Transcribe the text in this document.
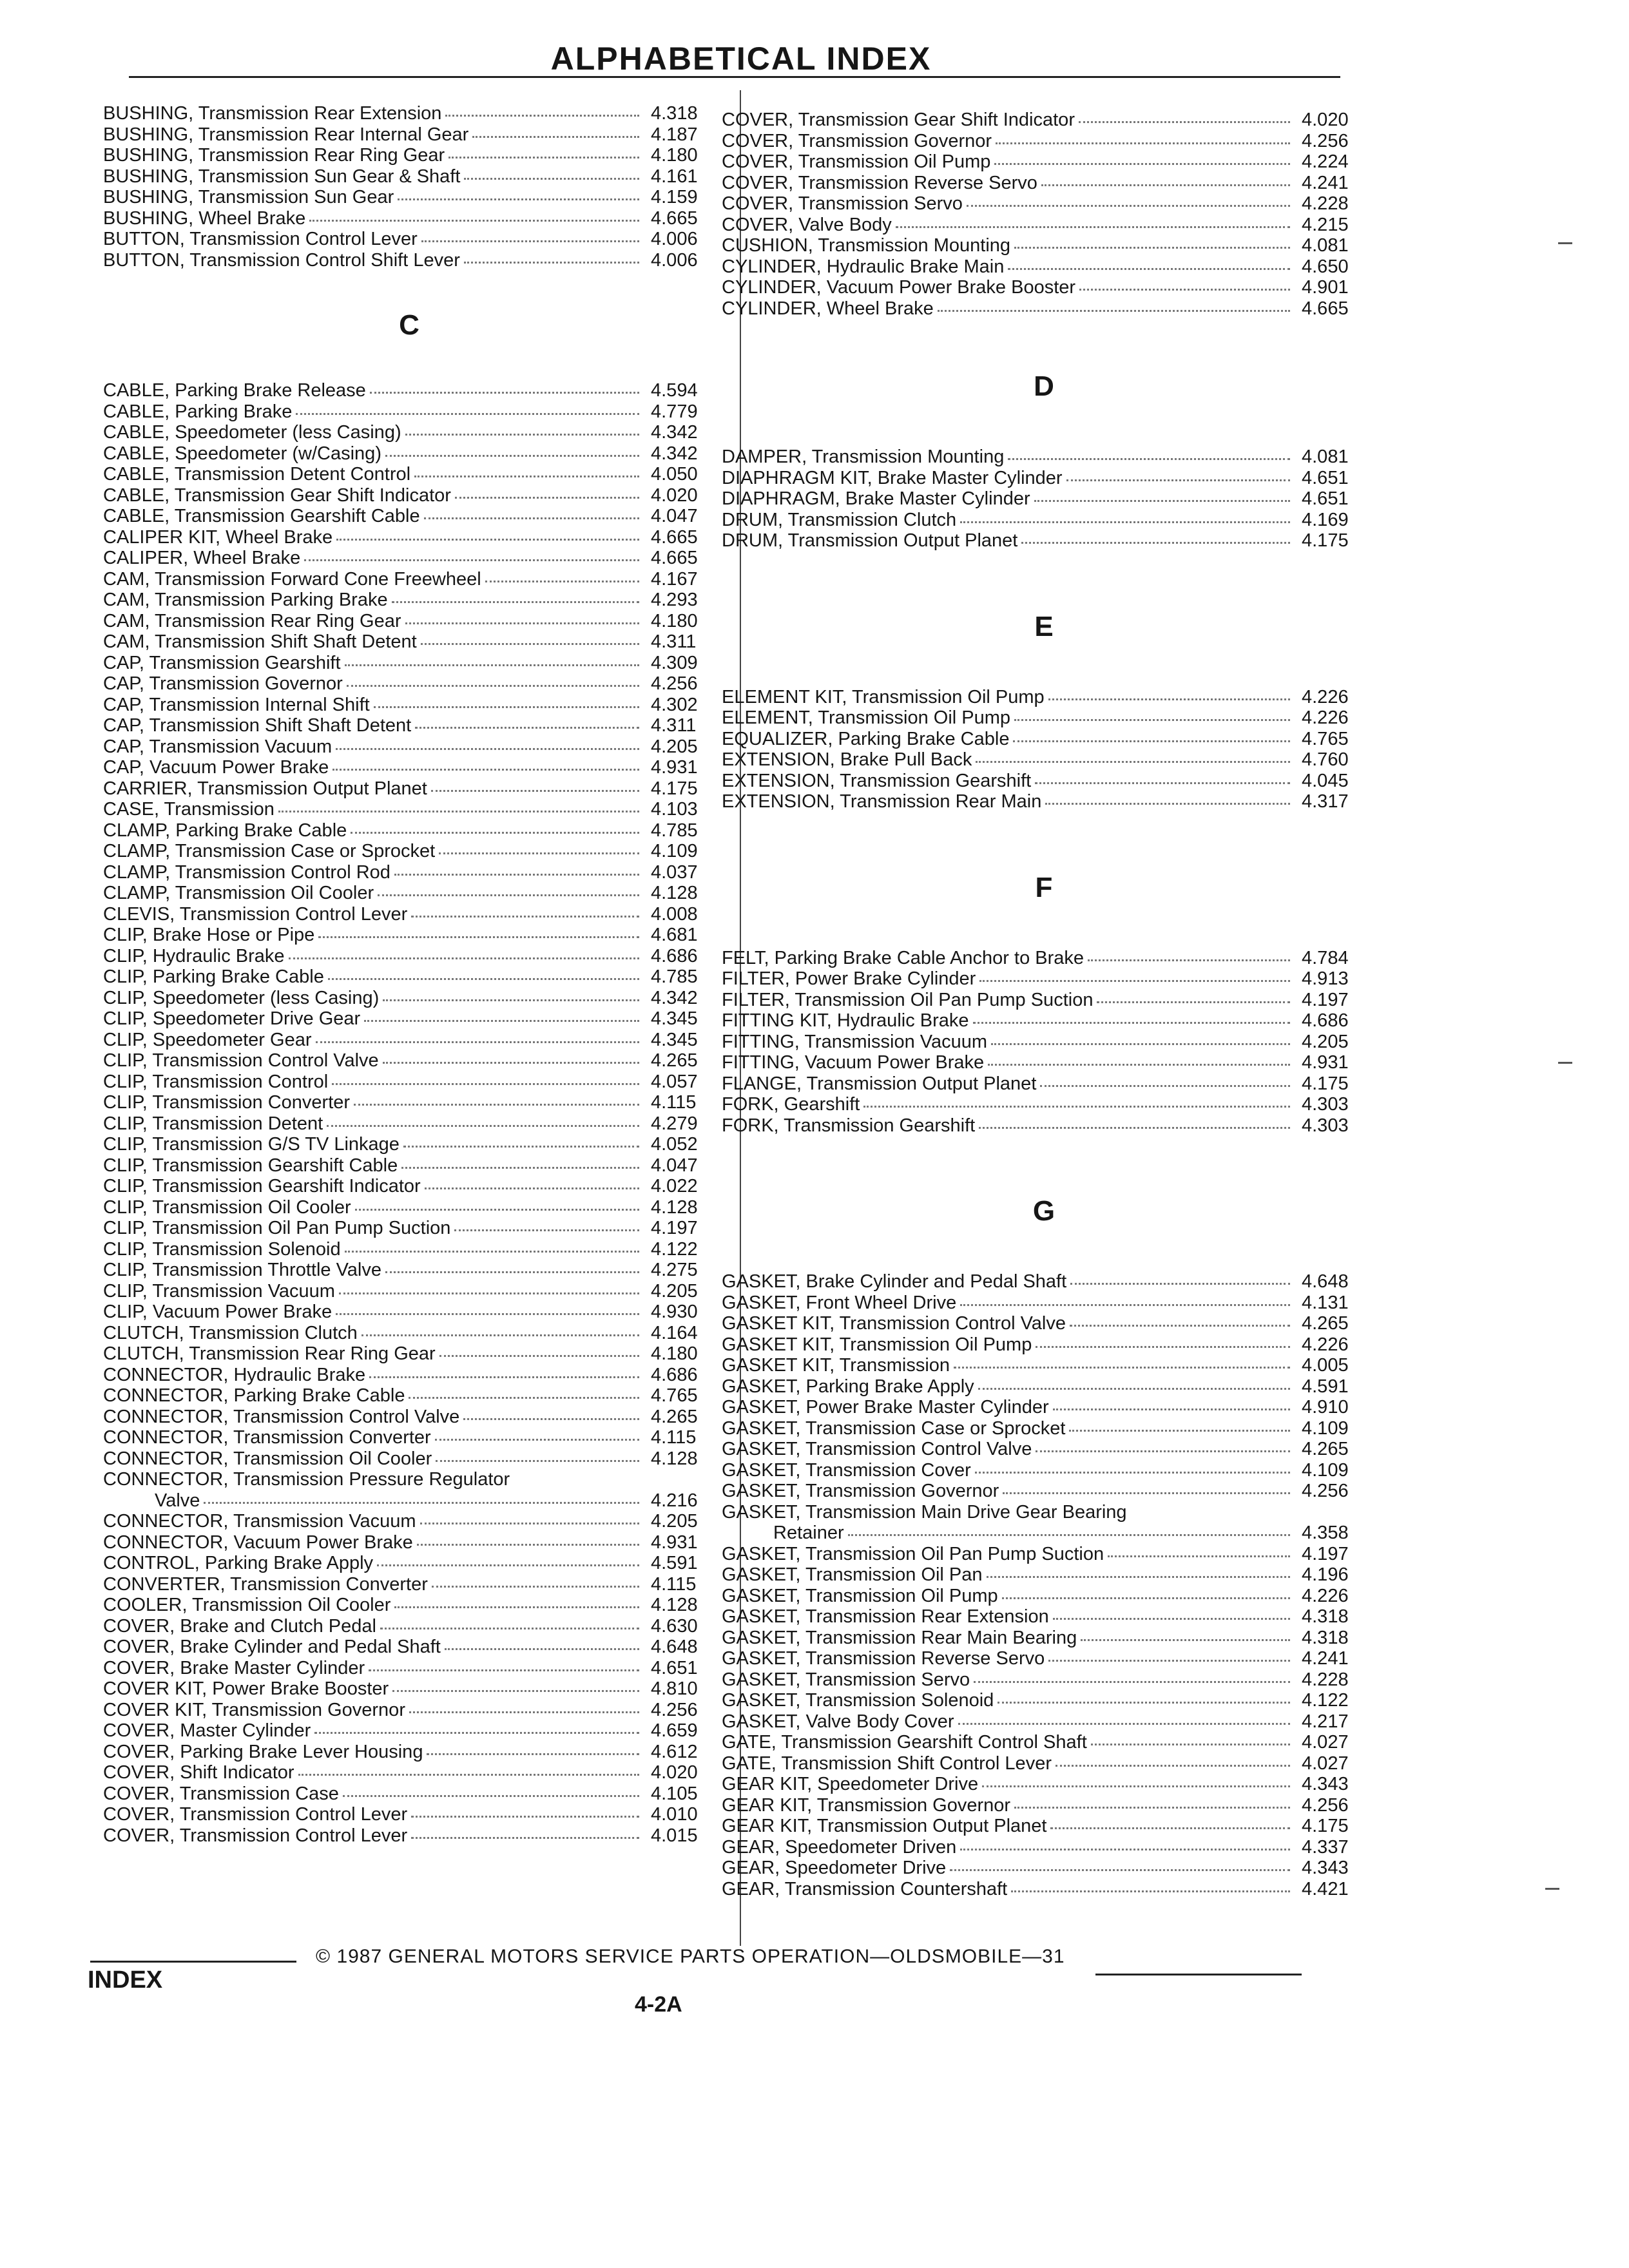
ALPHABETICAL INDEX
BUSHING, Transmission Rear Extension	4.318
BUSHING, Transmission Rear Internal Gear	4.187
BUSHING, Transmission Rear Ring Gear	4.180
BUSHING, Transmission Sun Gear & Shaft	4.161
BUSHING, Transmission Sun Gear	4.159
BUSHING, Wheel Brake	4.665
BUTTON, Transmission Control Lever	4.006
BUTTON, Transmission Control Shift Lever	4.006
C
CABLE, Parking Brake Release	4.594
CABLE, Parking Brake	4.779
CABLE, Speedometer (less Casing)	4.342
CABLE, Speedometer (w/Casing)	4.342
CABLE, Transmission Detent Control	4.050
CABLE, Transmission Gear Shift Indicator	4.020
CABLE, Transmission Gearshift Cable	4.047
CALIPER KIT, Wheel Brake	4.665
CALIPER, Wheel Brake	4.665
CAM, Transmission Forward Cone Freewheel	4.167
CAM, Transmission Parking Brake	4.293
CAM, Transmission Rear Ring Gear	4.180
CAM, Transmission Shift Shaft Detent	4.311
CAP, Transmission Gearshift	4.309
CAP, Transmission Governor	4.256
CAP, Transmission Internal Shift	4.302
CAP, Transmission Shift Shaft Detent	4.311
CAP, Transmission Vacuum	4.205
CAP, Vacuum Power Brake	4.931
CARRIER, Transmission Output Planet	4.175
CASE, Transmission	4.103
CLAMP, Parking Brake Cable	4.785
CLAMP, Transmission Case or Sprocket	4.109
CLAMP, Transmission Control Rod	4.037
CLAMP, Transmission Oil Cooler	4.128
CLEVIS, Transmission Control Lever	4.008
CLIP, Brake Hose or Pipe	4.681
CLIP, Hydraulic Brake	4.686
CLIP, Parking Brake Cable	4.785
CLIP, Speedometer (less Casing)	4.342
CLIP, Speedometer Drive Gear	4.345
CLIP, Speedometer Gear	4.345
CLIP, Transmission Control Valve	4.265
CLIP, Transmission Control	4.057
CLIP, Transmission Converter	4.115
CLIP, Transmission Detent	4.279
CLIP, Transmission G/S TV Linkage	4.052
CLIP, Transmission Gearshift Cable	4.047
CLIP, Transmission Gearshift Indicator	4.022
CLIP, Transmission Oil Cooler	4.128
CLIP, Transmission Oil Pan Pump Suction	4.197
CLIP, Transmission Solenoid	4.122
CLIP, Transmission Throttle Valve	4.275
CLIP, Transmission Vacuum	4.205
CLIP, Vacuum Power Brake	4.930
CLUTCH, Transmission Clutch	4.164
CLUTCH, Transmission Rear Ring Gear	4.180
CONNECTOR, Hydraulic Brake	4.686
CONNECTOR, Parking Brake Cable	4.765
CONNECTOR, Transmission Control Valve	4.265
CONNECTOR, Transmission Converter	4.115
CONNECTOR, Transmission Oil Cooler	4.128
CONNECTOR, Transmission Pressure Regulator
Valve	4.216
CONNECTOR, Transmission Vacuum	4.205
CONNECTOR, Vacuum Power Brake	4.931
CONTROL, Parking Brake Apply	4.591
CONVERTER, Transmission Converter	4.115
COOLER, Transmission Oil Cooler	4.128
COVER, Brake and Clutch Pedal	4.630
COVER, Brake Cylinder and Pedal Shaft	4.648
COVER, Brake Master Cylinder	4.651
COVER KIT, Power Brake Booster	4.810
COVER KIT, Transmission Governor	4.256
COVER, Master Cylinder	4.659
COVER, Parking Brake Lever Housing	4.612
COVER, Shift Indicator	4.020
COVER, Transmission Case	4.105
COVER, Transmission Control Lever	4.010
COVER, Transmission Control Lever	4.015
COVER, Transmission Gear Shift Indicator	4.020
COVER, Transmission Governor	4.256
COVER, Transmission Oil Pump	4.224
COVER, Transmission Reverse Servo	4.241
COVER, Transmission Servo	4.228
COVER, Valve Body	4.215
CUSHION, Transmission Mounting	4.081
CYLINDER, Hydraulic Brake Main	4.650
CYLINDER, Vacuum Power Brake Booster	4.901
CYLINDER, Wheel Brake	4.665
D
DAMPER, Transmission Mounting	4.081
DIAPHRAGM KIT, Brake Master Cylinder	4.651
DIAPHRAGM, Brake Master Cylinder	4.651
DRUM, Transmission Clutch	4.169
DRUM, Transmission Output Planet	4.175
E
ELEMENT KIT, Transmission Oil Pump	4.226
ELEMENT, Transmission Oil Pump	4.226
EQUALIZER, Parking Brake Cable	4.765
EXTENSION, Brake Pull Back	4.760
EXTENSION, Transmission Gearshift	4.045
EXTENSION, Transmission Rear Main	4.317
F
FELT, Parking Brake Cable Anchor to Brake	4.784
FILTER, Power Brake Cylinder	4.913
FILTER, Transmission Oil Pan Pump Suction	4.197
FITTING KIT, Hydraulic Brake	4.686
FITTING, Transmission Vacuum	4.205
FITTING, Vacuum Power Brake	4.931
FLANGE, Transmission Output Planet	4.175
FORK, Gearshift	4.303
FORK, Transmission Gearshift	4.303
G
GASKET, Brake Cylinder and Pedal Shaft	4.648
GASKET, Front Wheel Drive	4.131
GASKET KIT, Transmission Control Valve	4.265
GASKET KIT, Transmission Oil Pump	4.226
GASKET KIT, Transmission	4.005
GASKET, Parking Brake Apply	4.591
GASKET, Power Brake Master Cylinder	4.910
GASKET, Transmission Case or Sprocket	4.109
GASKET, Transmission Control Valve	4.265
GASKET, Transmission Cover	4.109
GASKET, Transmission Governor	4.256
GASKET, Transmission Main Drive Gear Bearing
Retainer	4.358
GASKET, Transmission Oil Pan Pump Suction	4.197
GASKET, Transmission Oil Pan	4.196
GASKET, Transmission Oil Pump	4.226
GASKET, Transmission Rear Extension	4.318
GASKET, Transmission Rear Main Bearing	4.318
GASKET, Transmission Reverse Servo	4.241
GASKET, Transmission Servo	4.228
GASKET, Transmission Solenoid	4.122
GASKET, Valve Body Cover	4.217
GATE, Transmission Gearshift Control Shaft	4.027
GATE, Transmission Shift Control Lever	4.027
GEAR KIT, Speedometer Drive	4.343
GEAR KIT, Transmission Governor	4.256
GEAR KIT, Transmission Output Planet	4.175
GEAR, Speedometer Driven	4.337
GEAR, Speedometer Drive	4.343
GEAR, Transmission Countershaft	4.421
© 1987 GENERAL MOTORS SERVICE PARTS OPERATION—OLDSMOBILE—31
INDEX
4-2A
